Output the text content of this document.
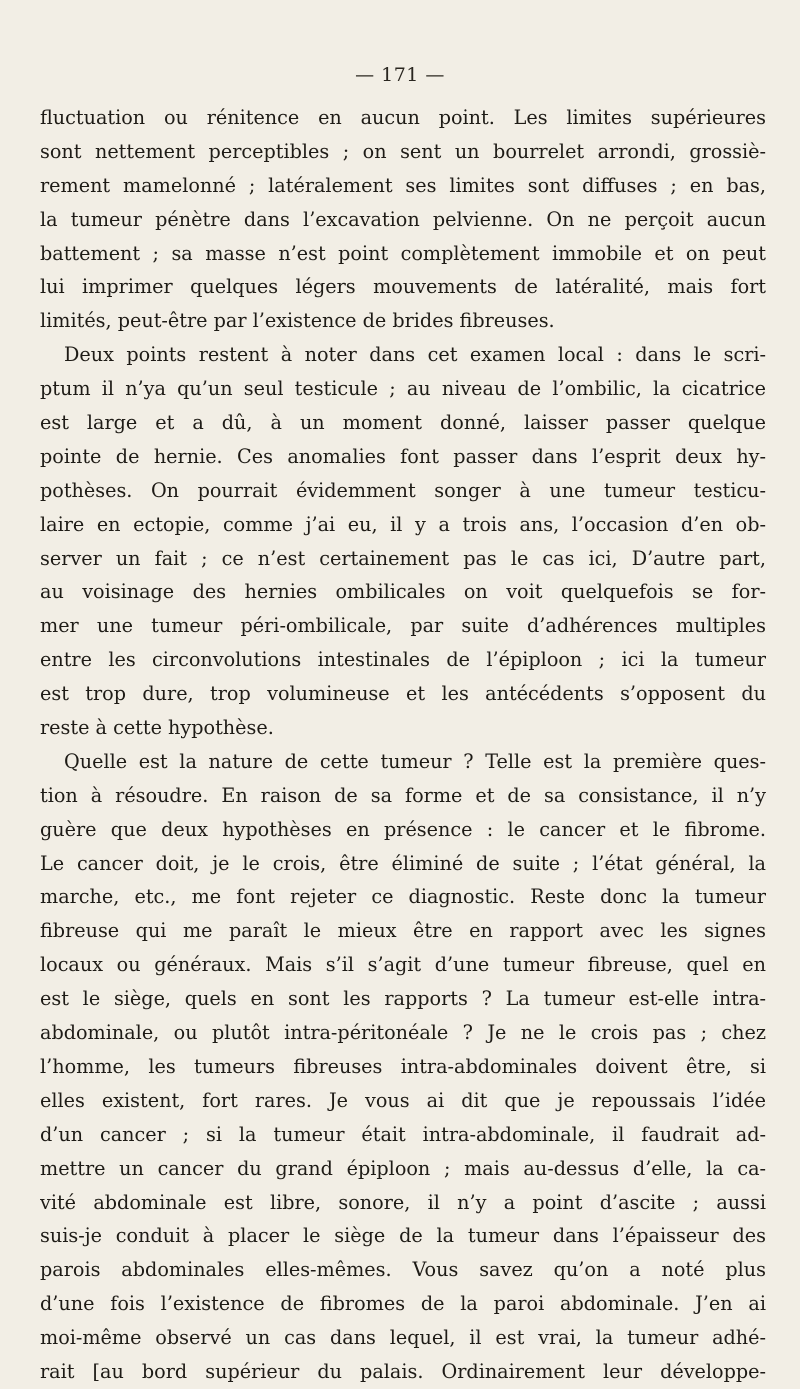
— 171 —
fluctuation ou rénitence en aucun point. Les limites supérieures
sont nettement perceptibles ; on sent un bourrelet arrondi, grossiè-
rement mamelonné ; latéralement ses limites sont diffuses ; en bas,
la tumeur pénètre dans l’excavation pelvienne. On ne perçoit aucun
battement ; sa masse n’est point complètement immobile et on peut
lui imprimer quelques légers mouvements de latéralité, mais fort
limités, peut-être par l’existence de brides fibreuses.
Deux points restent à noter dans cet examen local : dans le scri-
ptum il n’ya qu’un seul testicule ; au niveau de l’ombilic, la cicatrice
est large et a dû, à un moment donné, laisser passer quelque
pointe de hernie. Ces anomalies font passer dans l’esprit deux hy-
pothèses. On pourrait évidemment songer à une tumeur testicu-
laire en ectopie, comme j’ai eu, il y a trois ans, l’occasion d’en ob-
server un fait ; ce n’est certainement pas le cas ici, D’autre part,
au voisinage des hernies ombilicales on voit quelquefois se for-
mer une tumeur péri-ombilicale, par suite d’adhérences multiples
entre les circonvolutions intestinales de l’épiploon ; ici la tumeur
est trop dure, trop volumineuse et les antécédents s’opposent du
reste à cette hypothèse.
Quelle est la nature de cette tumeur ? Telle est la première ques-
tion à résoudre. En raison de sa forme et de sa consistance, il n’y
guère que deux hypothèses en présence : le cancer et le fibrome.
Le cancer doit, je le crois, être éliminé de suite ; l’état général, la
marche, etc., me font rejeter ce diagnostic. Reste donc la tumeur
fibreuse qui me paraît le mieux être en rapport avec les signes
locaux ou généraux. Mais s’il s’agit d’une tumeur fibreuse, quel en
est le siège, quels en sont les rapports ? La tumeur est-elle intra-
abdominale, ou plutôt intra-péritonéale ? Je ne le crois pas ; chez
l’homme, les tumeurs fibreuses intra-abdominales doivent être, si
elles existent, fort rares. Je vous ai dit que je repoussais l’idée
d’un cancer ; si la tumeur était intra-abdominale, il faudrait ad-
mettre un cancer du grand épiploon ; mais au-dessus d’elle, la ca-
vité abdominale est libre, sonore, il n’y a point d’ascite ; aussi
suis-je conduit à placer le siège de la tumeur dans l’épaisseur des
parois abdominales elles-mêmes. Vous savez qu’on a noté plus
d’une fois l’existence de fibromes de la paroi abdominale. J’en ai
moi-même observé un cas dans lequel, il est vrai, la tumeur adhé-
rait [au bord supérieur du palais. Ordinairement leur développe-
